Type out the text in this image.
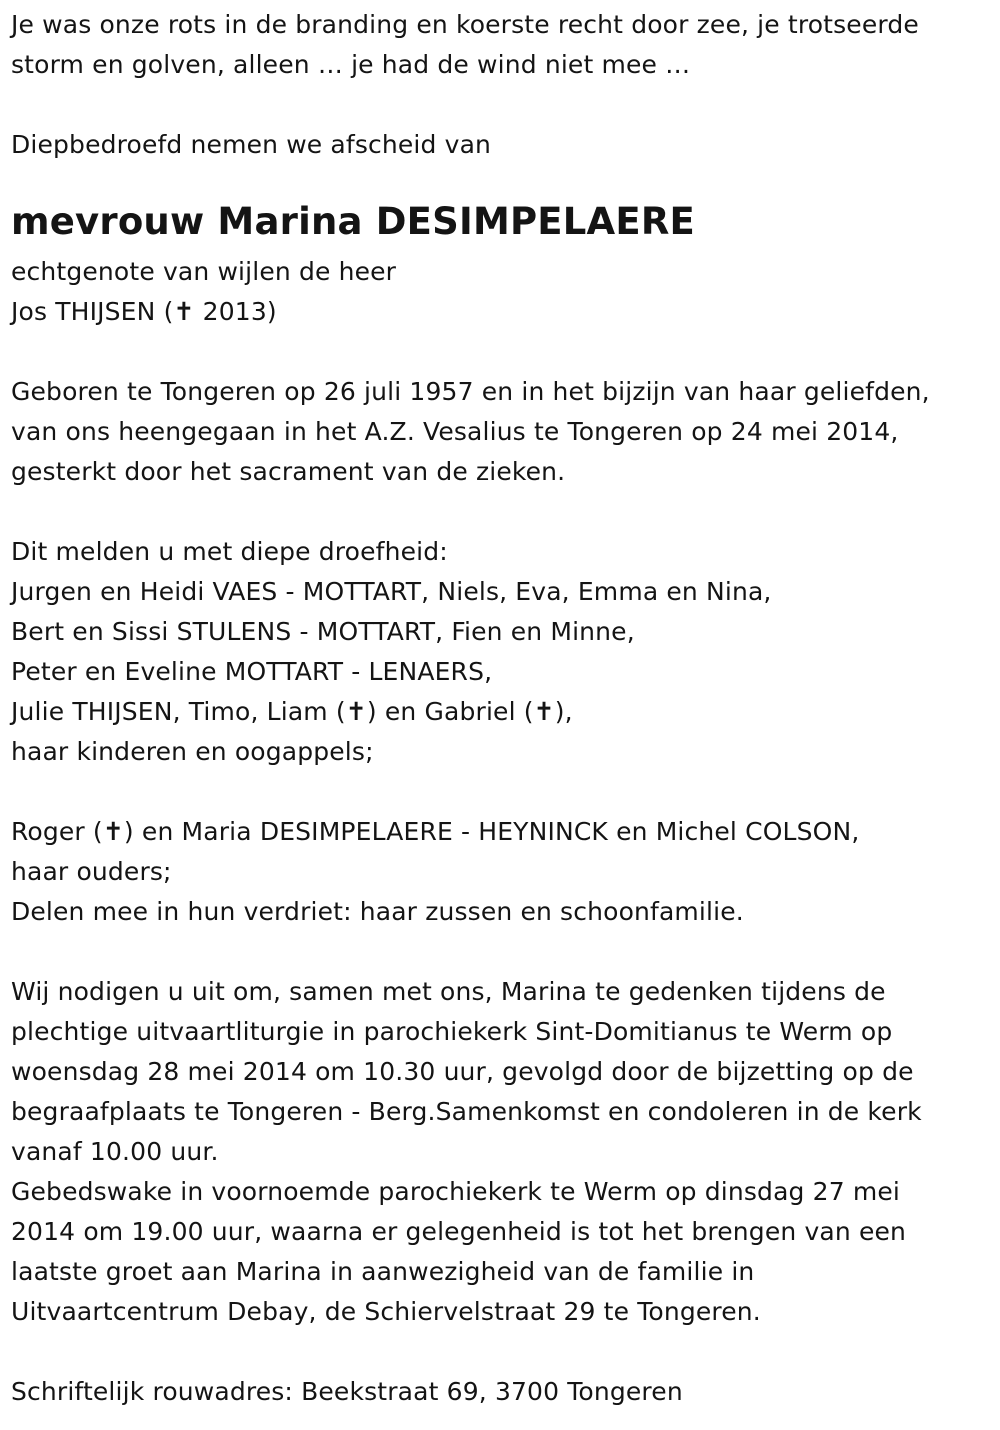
Je was onze rots in de branding en koerste recht door zee, je trotseerde
storm en golven, alleen … je had de wind niet mee …
Diepbedroefd nemen we afscheid van
mevrouw Marina DESIMPELAERE
echtgenote van wijlen de heer
Jos THIJSEN (✝ 2013)
Geboren te Tongeren op 26 juli 1957 en in het bijzijn van haar geliefden,
van ons heengegaan in het A.Z. Vesalius te Tongeren op 24 mei 2014,
gesterkt door het sacrament van de zieken.
Dit melden u met diepe droefheid:
Jurgen en Heidi VAES - MOTTART, Niels, Eva, Emma en Nina,
Bert en Sissi STULENS - MOTTART, Fien en Minne,
Peter en Eveline MOTTART - LENAERS,
Julie THIJSEN, Timo, Liam (✝) en Gabriel (✝),
haar kinderen en oogappels;
Roger (✝) en Maria DESIMPELAERE - HEYNINCK en Michel COLSON,
haar ouders;
Delen mee in hun verdriet: haar zussen en schoonfamilie.
Wij nodigen u uit om, samen met ons, Marina te gedenken tijdens de
plechtige uitvaartliturgie in parochiekerk Sint-Domitianus te Werm op
woensdag 28 mei 2014 om 10.30 uur, gevolgd door de bijzetting op de
begraafplaats te Tongeren - Berg.Samenkomst en condoleren in de kerk
vanaf 10.00 uur.
Gebedswake in voornoemde parochiekerk te Werm op dinsdag 27 mei
2014 om 19.00 uur, waarna er gelegenheid is tot het brengen van een
laatste groet aan Marina in aanwezigheid van de familie in
Uitvaartcentrum Debay, de Schiervelstraat 29 te Tongeren.
Schriftelijk rouwadres: Beekstraat 69, 3700 Tongeren
